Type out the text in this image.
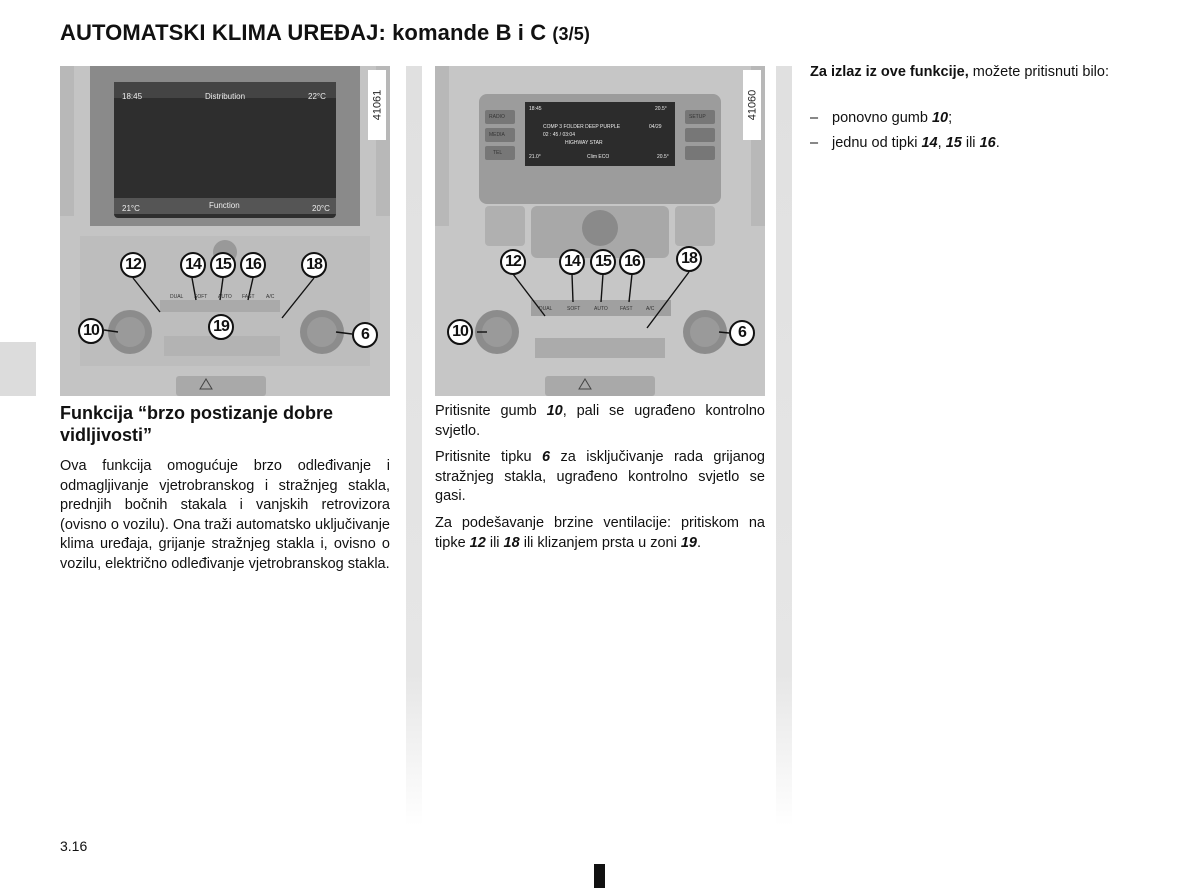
AUTOMATSKI KLIMA UREĐAJ: komande B i C (3/5)
41061
18:45	Distribution	22°C
Function
21°C	20°C
DUAL SOFT AUTO FAST A/C
12	14 15 16	18
10	19	6
41060
18:45	20.5°
COMP 3 FOLDER DEEP PURPLE	04/29
02 : 45 / 03:04
HIGHWAY STAR
Clim ECO
21.0°	20.5°
RADIO
MEDIA
TEL
SETUP
DUAL	SOFT	AUTO FAST	A/C
12	14 15 16	18
10	6
Funkcija “brzo postizanje dobre vidljivosti”

Ova funkcija omogućuje brzo odleđivanje i odmagljivanje vjetrobranskog i stražnjeg stakla, prednjih bočnih stakala i vanjskih retrovizora (ovisno o vozilu). Ona traži automatsko uključivanje klima uređaja, grijanje stražnjeg stakla i, ovisno o vozilu, električno odleđivanje vjetrobranskog stakla.

Pritisnite gumb 10, pali se ugrađeno kontrolno svjetlo.

Pritisnite tipku 6 za isključivanje rada grijanog stražnjeg stakla, ugrađeno kontrolno svjetlo se gasi.

Za podešavanje brzine ventilacije: pritiskom na tipke 12 ili 18 ili klizanjem prsta u zoni 19.

Za izlaz iz ove funkcije, možete pritisnuti bilo:

– ponovno gumb 10;
– jednu od tipki 14, 15 ili 16.
3.16
